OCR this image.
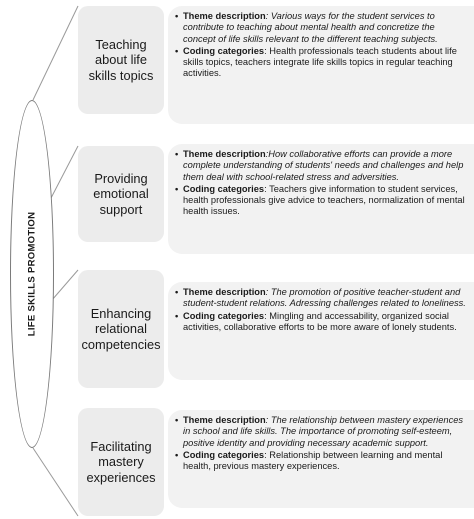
LIFE SKILLS PROMOTION
Teaching about life skills topics
• Theme description: Various ways for the student services to contribute to teaching about mental health and concretize the concept of life skills relevant to the different teaching subjects.
• Coding categories: Health professionals teach students about life skills topics, teachers integrate life skills topics in regular teaching activities.
Providing emotional support
• Theme description:How collaborative efforts can provide a more complete understanding of students' needs and challenges and help them deal with school-related stress and adversities.
• Coding categories: Teachers give information to student services, health professionals give advice to teachers, normalization of mental health issues.
Enhancing relational competencies
• Theme description: The promotion of positive teacher-student and student-student relations. Adressing challenges related to loneliness.
• Coding categories: Mingling and accessability, organized social activities, collaborative efforts to be more aware of lonely students.
Facilitating mastery experiences
• Theme description: The relationship between mastery experiences in school and life skills. The importance of promoting self-esteem, positive identity and providing necessary academic support.
• Coding categories: Relationship between learning and mental health, previous mastery experiences.
